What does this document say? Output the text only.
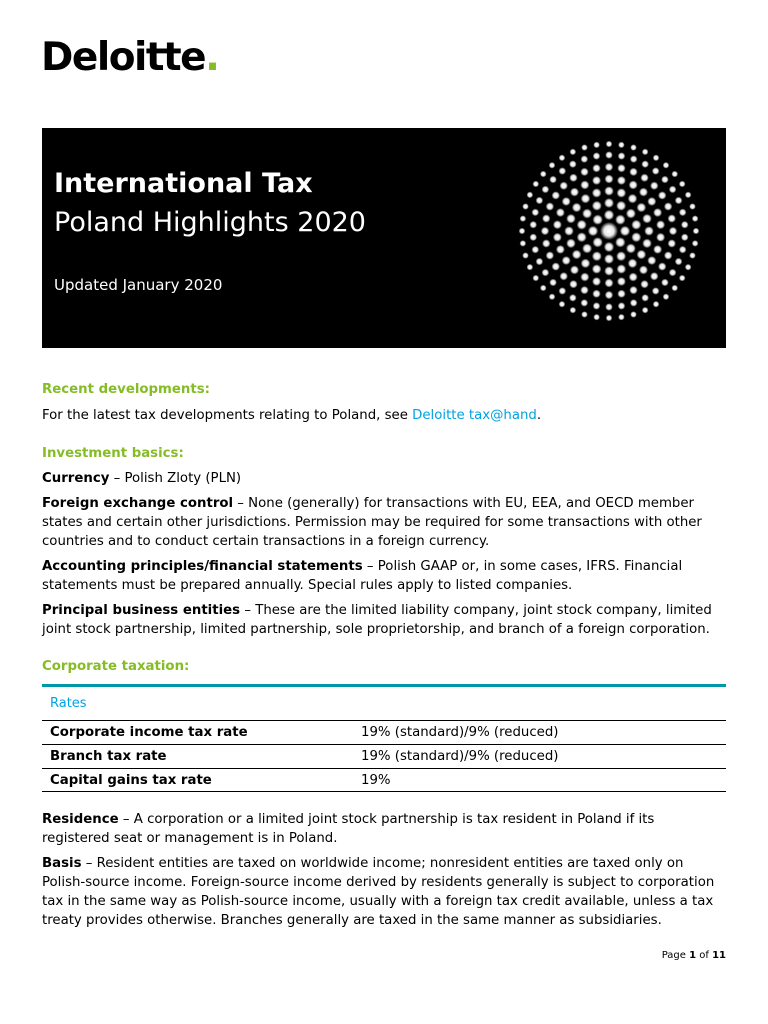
Deloitte.
International Tax
Poland Highlights 2020
Updated January 2020
Recent developments:
For the latest tax developments relating to Poland, see Deloitte tax@hand.
Investment basics:
Currency – Polish Zloty (PLN)
Foreign exchange control – None (generally) for transactions with EU, EEA, and OECD member states and certain other jurisdictions. Permission may be required for some transactions with other countries and to conduct certain transactions in a foreign currency.
Accounting principles/financial statements – Polish GAAP or, in some cases, IFRS. Financial statements must be prepared annually. Special rules apply to listed companies.
Principal business entities – These are the limited liability company, joint stock company, limited joint stock partnership, limited partnership, sole proprietorship, and branch of a foreign corporation.
Corporate taxation:
Rates
Corporate income tax rate	19% (standard)/9% (reduced)
Branch tax rate	19% (standard)/9% (reduced)
Capital gains tax rate	19%
Residence – A corporation or a limited joint stock partnership is tax resident in Poland if its registered seat or management is in Poland.
Basis – Resident entities are taxed on worldwide income; nonresident entities are taxed only on Polish-source income. Foreign-source income derived by residents generally is subject to corporation tax in the same way as Polish-source income, usually with a foreign tax credit available, unless a tax treaty provides otherwise. Branches generally are taxed in the same manner as subsidiaries.
Page 1 of 11
